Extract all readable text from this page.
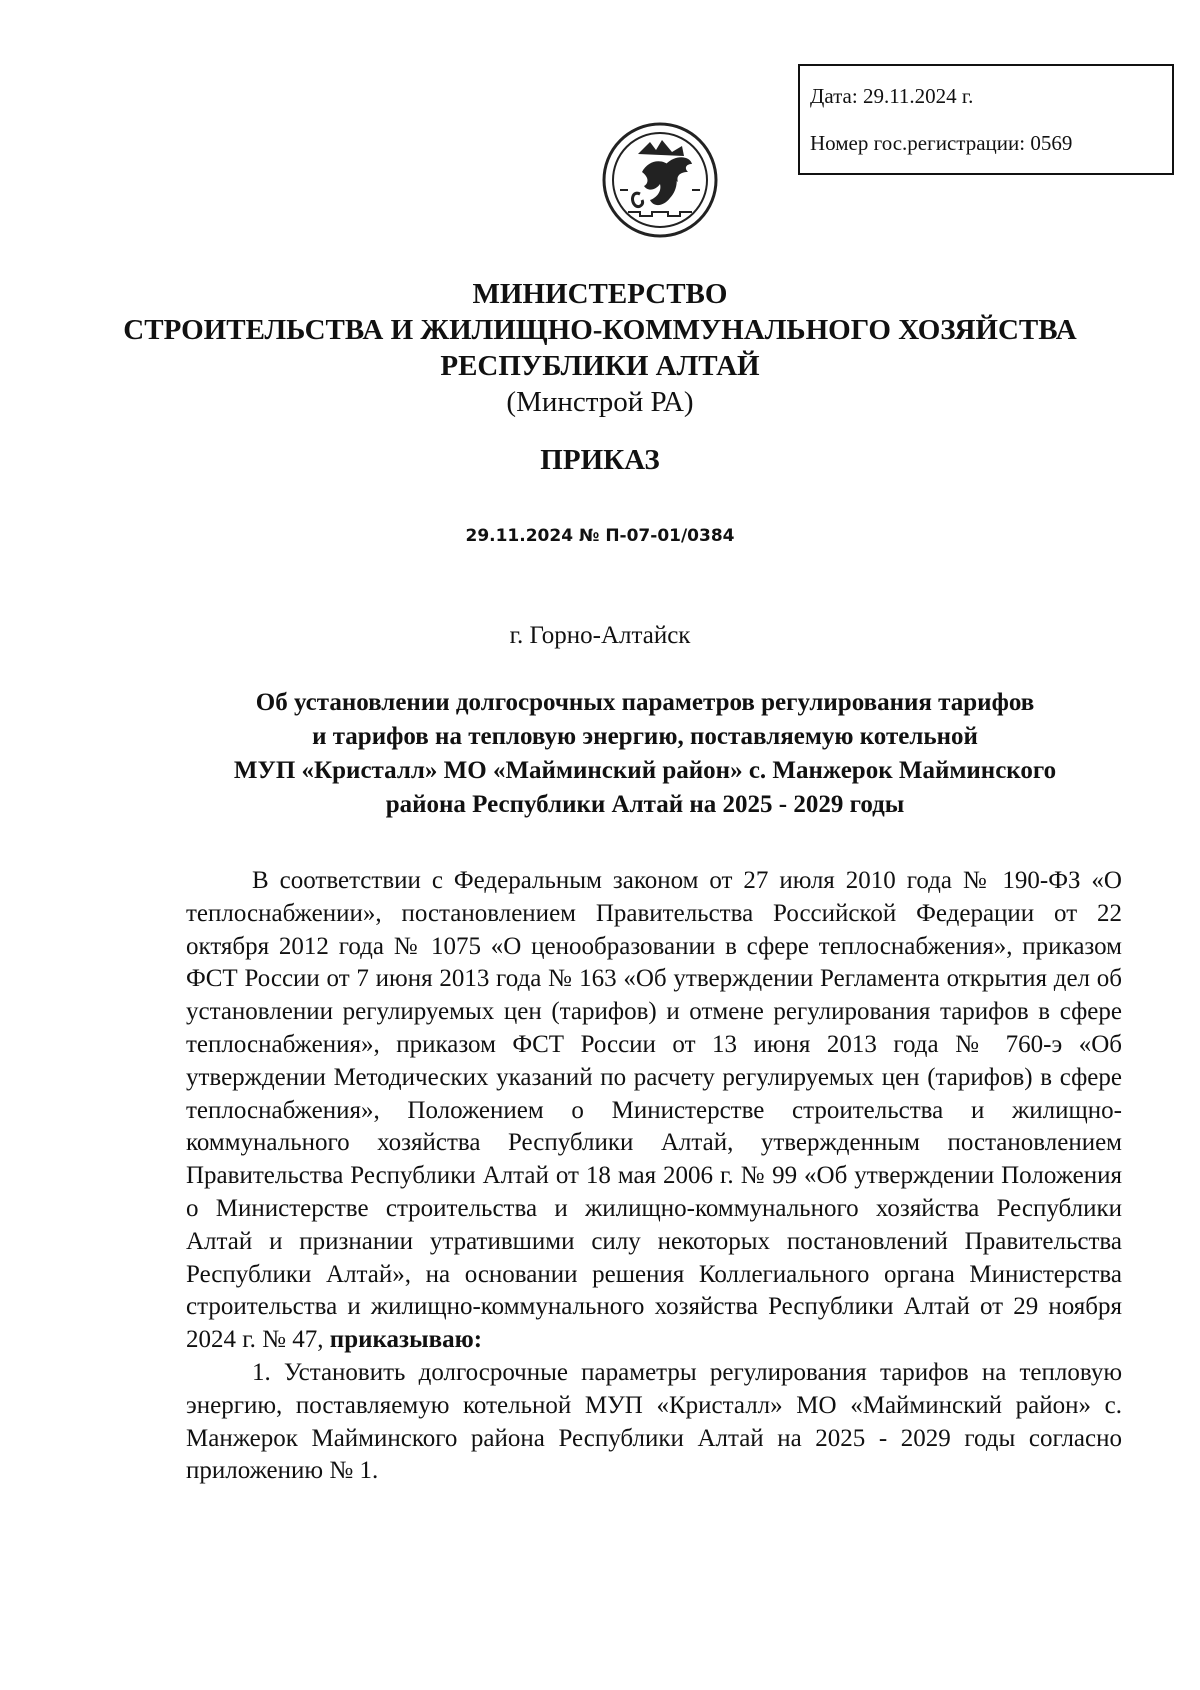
Дата: 29.11.2024 г.
Номер гос.регистрации: 0569
МИНИСТЕРСТВО
СТРОИТЕЛЬСТВА И ЖИЛИЩНО-КОММУНАЛЬНОГО ХОЗЯЙСТВА
РЕСПУБЛИКИ АЛТАЙ
(Минстрой РА)
ПРИКАЗ
29.11.2024 № П-07-01/0384
г. Горно-Алтайск
Об установлении долгосрочных параметров регулирования тарифов
и тарифов на тепловую энергию, поставляемую котельной
МУП «Кристалл» МО «Майминский район» с. Манжерок Майминского
района Республики Алтай на 2025 - 2029 годы

В соответствии с Федеральным законом от 27 июля 2010 года № 190-ФЗ «О теплоснабжении», постановлением Правительства Российской Федерации от 22 октября 2012 года № 1075 «О ценообразовании в сфере теплоснабжения», приказом ФСТ России от 7 июня 2013 года № 163 «Об утверждении Регламента открытия дел об установлении регулируемых цен (тарифов) и отмене регулирования тарифов в сфере теплоснабжения», приказом ФСТ России от 13 июня 2013 года № 760-э «Об утверждении Методических указаний по расчету регулируемых цен (тарифов) в сфере теплоснабжения», Положением о Министерстве строительства и жилищно-коммунального хозяйства Республики Алтай, утвержденным постановлением Правительства Республики Алтай от 18 мая 2006 г. № 99 «Об утверждении Положения о Министерстве строительства и жилищно-коммунального хозяйства Республики Алтай и признании утратившими силу некоторых постановлений Правительства Республики Алтай», на основании решения Коллегиального органа Министерства строительства и жилищно-коммунального хозяйства Республики Алтай от 29 ноября 2024 г. № 47, приказываю:

1. Установить долгосрочные параметры регулирования тарифов на тепловую энергию, поставляемую котельной МУП «Кристалл» МО «Майминский район» с. Манжерок Майминского района Республики Алтай на 2025 - 2029 годы согласно приложению № 1.
